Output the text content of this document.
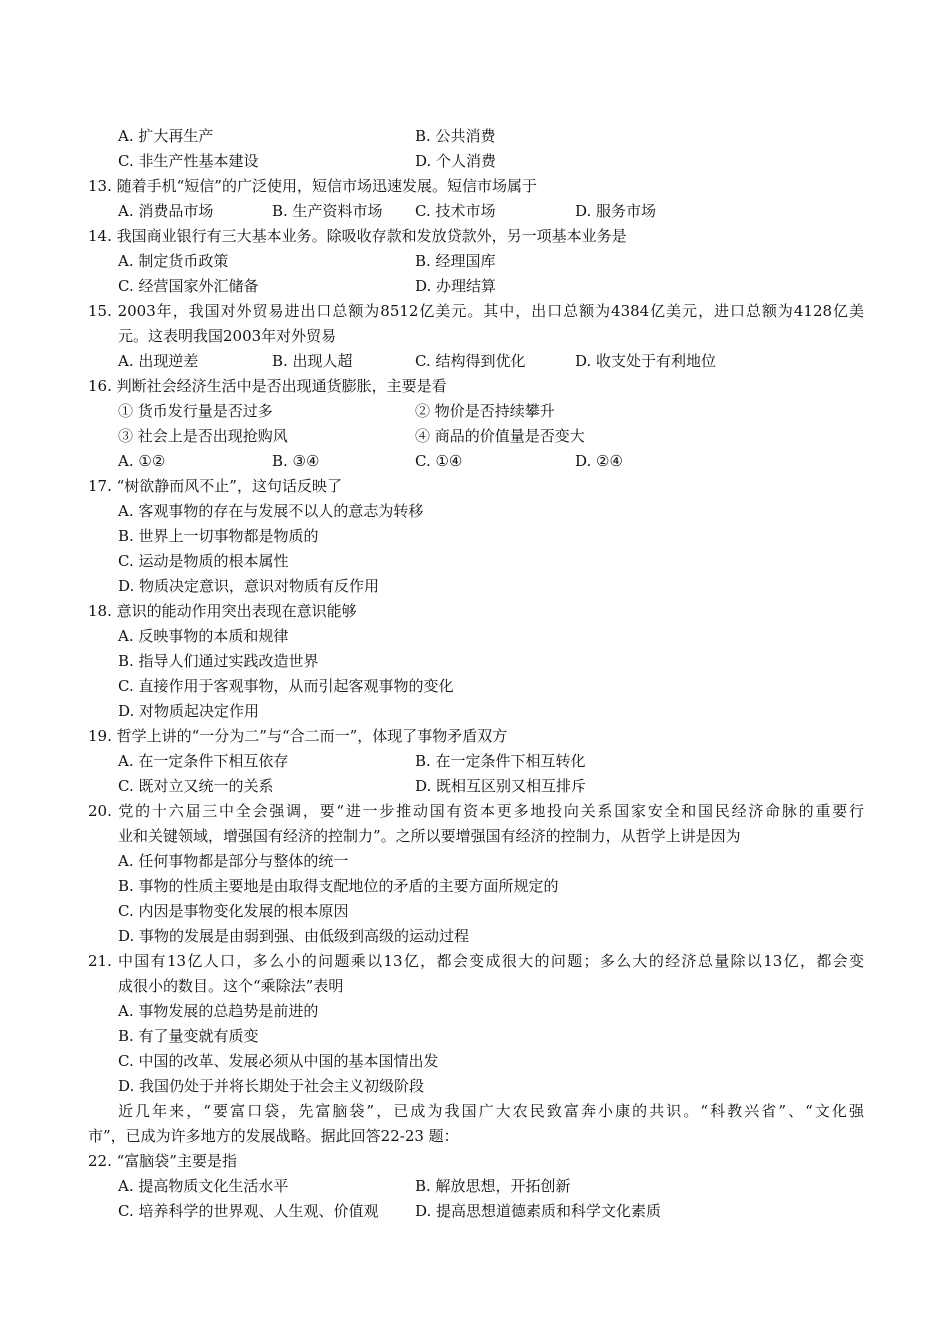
A. 扩大再生产	B. 公共消费
C. 非生产性基本建设	D. 个人消费
13. 随着手机“短信”的广泛使用，短信市场迅速发展。短信市场属于
A. 消费品市场	B. 生产资料市场 C. 技术市场	D. 服务市场
14. 我国商业银行有三大基本业务。除吸收存款和发放贷款外，另一项基本业务是
A. 制定货币政策	B. 经理国库
C. 经营国家外汇储备	D. 办理结算
15. 2003年，我国对外贸易进出口总额为8512亿美元。其中，出口总额为4384亿美元，进口总额为4128亿美
元。这表明我国2003年对外贸易
A. 出现逆差	B. 出现人超	C. 结构得到优化	D. 收支处于有利地位
16. 判断社会经济生活中是否出现通货膨胀，主要是看
① 货币发行量是否过多	② 物价是否持续攀升
③ 社会上是否出现抢购风	④ 商品的价值量是否变大
A. ①②	B. ③④	C. ①④	D. ②④
17. “树欲静而风不止”，这句话反映了
A. 客观事物的存在与发展不以人的意志为转移
B. 世界上一切事物都是物质的
C. 运动是物质的根本属性
D. 物质决定意识，意识对物质有反作用
18. 意识的能动作用突出表现在意识能够
A. 反映事物的本质和规律
B. 指导人们通过实践改造世界
C. 直接作用于客观事物，从而引起客观事物的变化
D. 对物质起决定作用
19. 哲学上讲的“一分为二”与“合二而一”，体现了事物矛盾双方
A. 在一定条件下相互依存	B. 在一定条件下相互转化
C. 既对立又统一的关系	D. 既相互区别又相互排斥
20. 党的十六届三中全会强调，要“进一步推动国有资本更多地投向关系国家安全和国民经济命脉的重要行
业和关键领域，增强国有经济的控制力”。之所以要增强国有经济的控制力，从哲学上讲是因为
A. 任何事物都是部分与整体的统一
B. 事物的性质主要地是由取得支配地位的矛盾的主要方面所规定的
C. 内因是事物变化发展的根本原因
D. 事物的发展是由弱到强、由低级到高级的运动过程
21. 中国有13亿人口，多么小的问题乘以13亿，都会变成很大的问题；多么大的经济总量除以13亿，都会变
成很小的数目。这个“乘除法”表明
A. 事物发展的总趋势是前进的
B. 有了量变就有质变
C. 中国的改革、发展必须从中国的基本国情出发
D. 我国仍处于并将长期处于社会主义初级阶段
近几年来，“要富口袋，先富脑袋”，已成为我国广大农民致富奔小康的共识。“科教兴省”、“文化强
市”，已成为许多地方的发展战略。据此回答22-23 题：
22. “富脑袋”主要是指
A. 提高物质文化生活水平	B. 解放思想，开拓创新
C. 培养科学的世界观、人生观、价值观 D. 提高思想道德素质和科学文化素质
